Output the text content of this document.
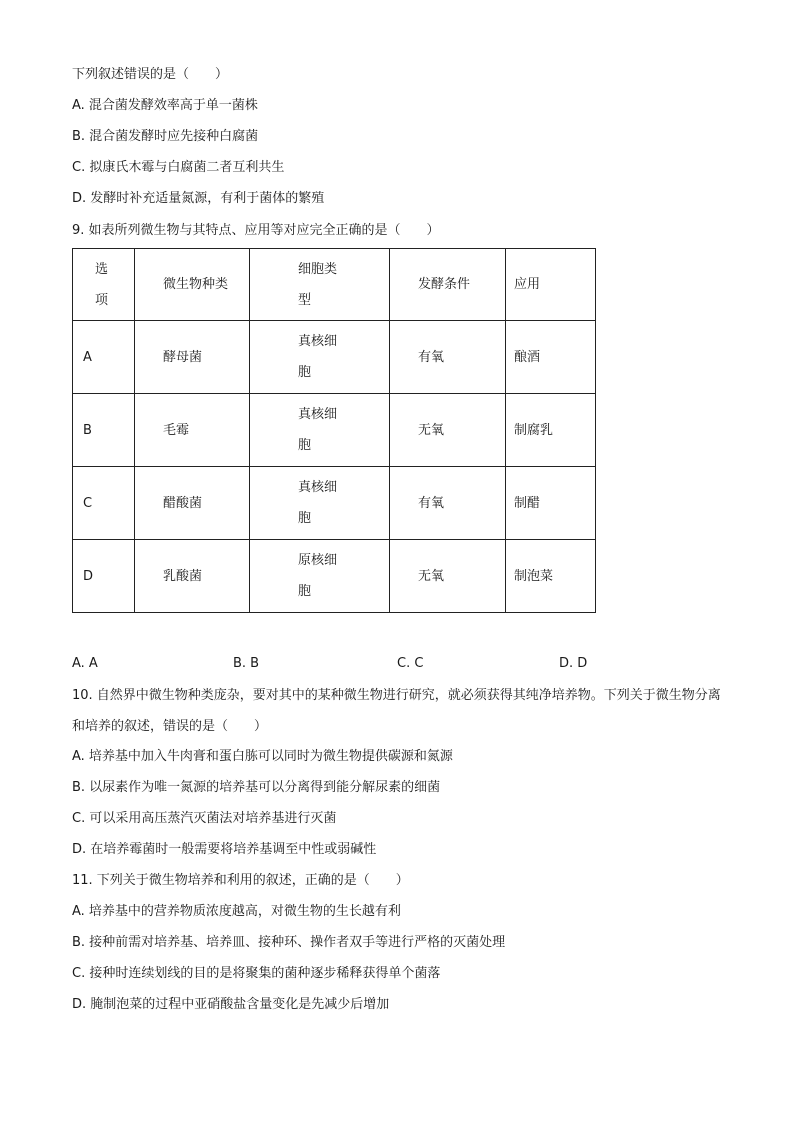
下列叙述错误的是（　　）
A. 混合菌发酵效率高于单一菌株
B. 混合菌发酵时应先接种白腐菌
C. 拟康氏木霉与白腐菌二者互利共生
D. 发酵时补充适量氮源，有利于菌体的繁殖
9. 如表所列微生物与其特点、应用等对应完全正确的是（　　）
选项	微生物种类	细胞类型	发酵条件	应用
A	酵母菌	真核细胞	有氧	酿酒
B	毛霉	真核细胞	无氧	制腐乳
C	醋酸菌	真核细胞	有氧	制醋
D	乳酸菌	原核细胞	无氧	制泡菜
A. A	B. B	C. C	D. D
10. 自然界中微生物种类庞杂，要对其中的某种微生物进行研究，就必须获得其纯净培养物。下列关于微生物分离和培养的叙述，错误的是（　　）
A. 培养基中加入牛肉膏和蛋白胨可以同时为微生物提供碳源和氮源
B. 以尿素作为唯一氮源的培养基可以分离得到能分解尿素的细菌
C. 可以采用高压蒸汽灭菌法对培养基进行灭菌
D. 在培养霉菌时一般需要将培养基调至中性或弱碱性
11. 下列关于微生物培养和利用的叙述，正确的是（　　）
A. 培养基中的营养物质浓度越高，对微生物的生长越有利
B. 接种前需对培养基、培养皿、接种环、操作者双手等进行严格的灭菌处理
C. 接种时连续划线的目的是将聚集的菌种逐步稀释获得单个菌落
D. 腌制泡菜的过程中亚硝酸盐含量变化是先减少后增加
